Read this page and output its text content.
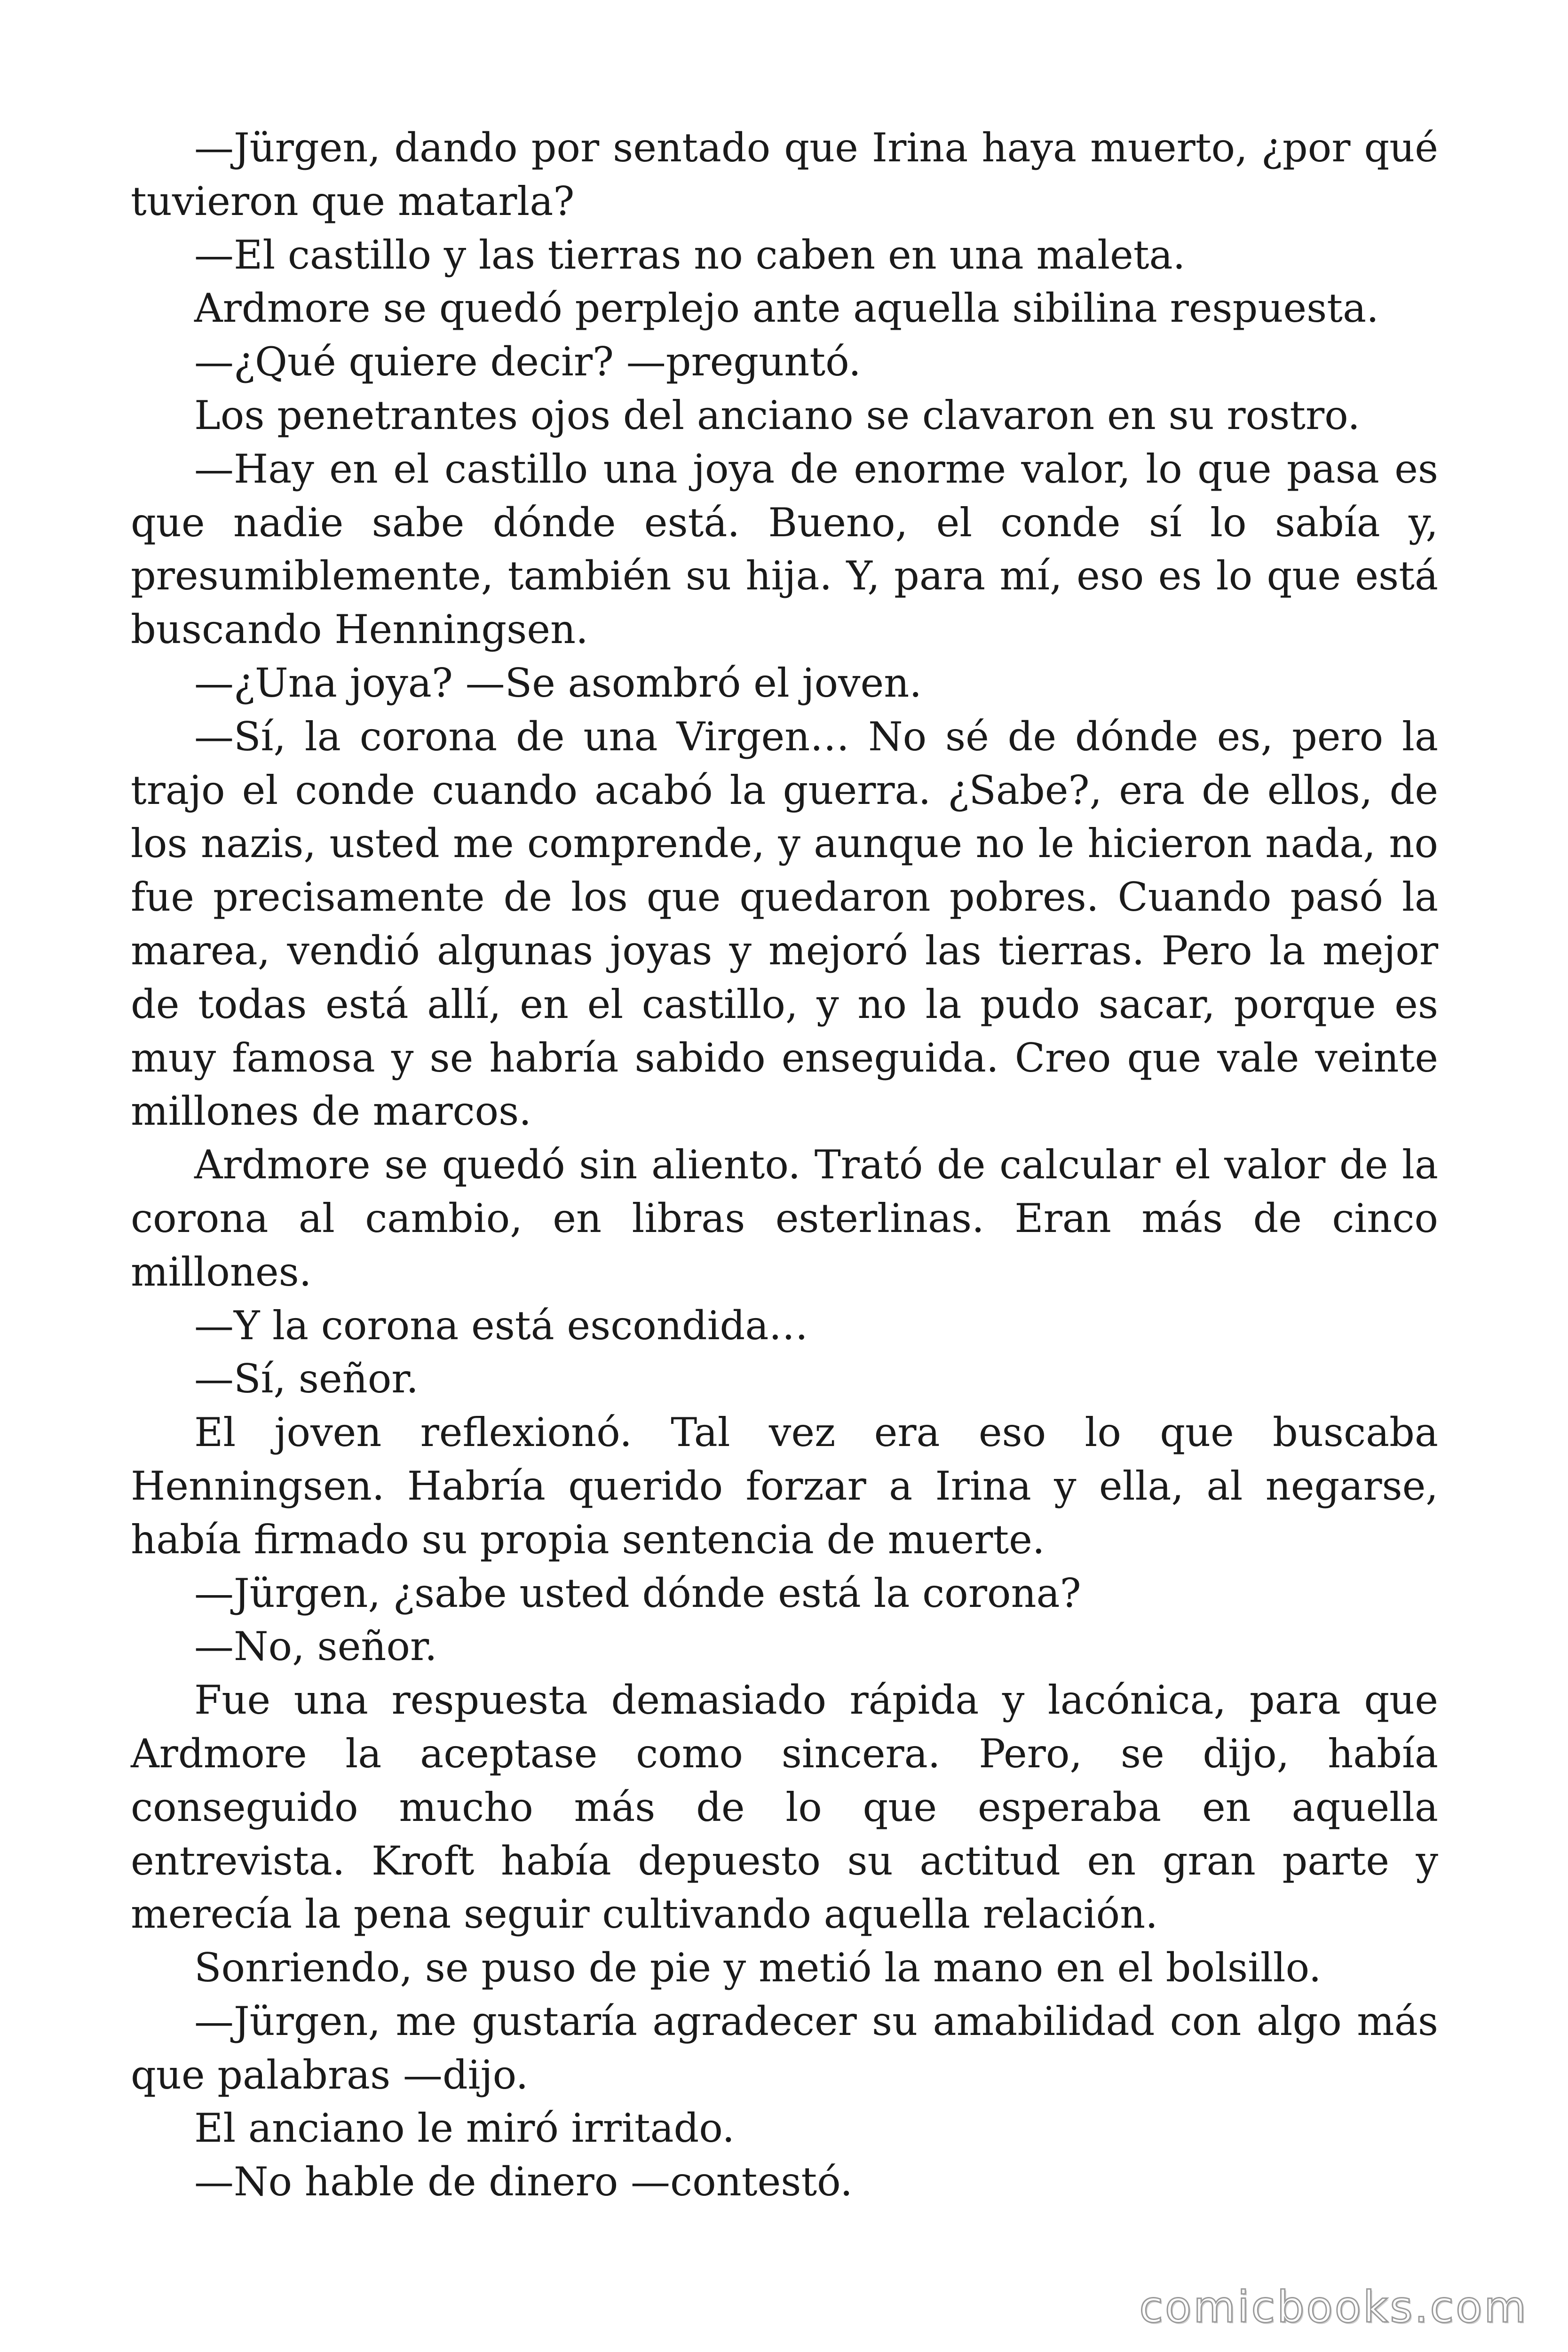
—Jürgen, dando por sentado que Irina haya muerto, ¿por qué tuvieron que matarla?

—El castillo y las tierras no caben en una maleta.

Ardmore se quedó perplejo ante aquella sibilina respuesta.

—¿Qué quiere decir? —preguntó.

Los penetrantes ojos del anciano se clavaron en su rostro.

—Hay en el castillo una joya de enorme valor, lo que pasa es que nadie sabe dónde está. Bueno, el conde sí lo sabía y, presumiblemente, también su hija. Y, para mí, eso es lo que está buscando Henningsen.

—¿Una joya? —Se asombró el joven.

—Sí, la corona de una Virgen… No sé de dónde es, pero la trajo el conde cuando acabó la guerra. ¿Sabe?, era de ellos, de los nazis, usted me comprende, y aunque no le hicieron nada, no fue precisamente de los que quedaron pobres. Cuando pasó la marea, vendió algunas joyas y mejoró las tierras. Pero la mejor de todas está allí, en el castillo, y no la pudo sacar, porque es muy famosa y se habría sabido enseguida. Creo que vale veinte millones de marcos.

Ardmore se quedó sin aliento. Trató de calcular el valor de la corona al cambio, en libras esterlinas. Eran más de cinco millones.

—Y la corona está escondida…

—Sí, señor.

El joven reflexionó. Tal vez era eso lo que buscaba Henningsen. Habría querido forzar a Irina y ella, al negarse, había firmado su propia sentencia de muerte.

—Jürgen, ¿sabe usted dónde está la corona?

—No, señor.

Fue una respuesta demasiado rápida y lacónica, para que Ardmore la aceptase como sincera. Pero, se dijo, había conseguido mucho más de lo que esperaba en aquella entrevista. Kroft había depuesto su actitud en gran parte y merecía la pena seguir cultivando aquella relación.

Sonriendo, se puso de pie y metió la mano en el bolsillo.

—Jürgen, me gustaría agradecer su amabilidad con algo más que palabras —dijo.

El anciano le miró irritado.

—No hable de dinero —contestó.

comicbooks.com
